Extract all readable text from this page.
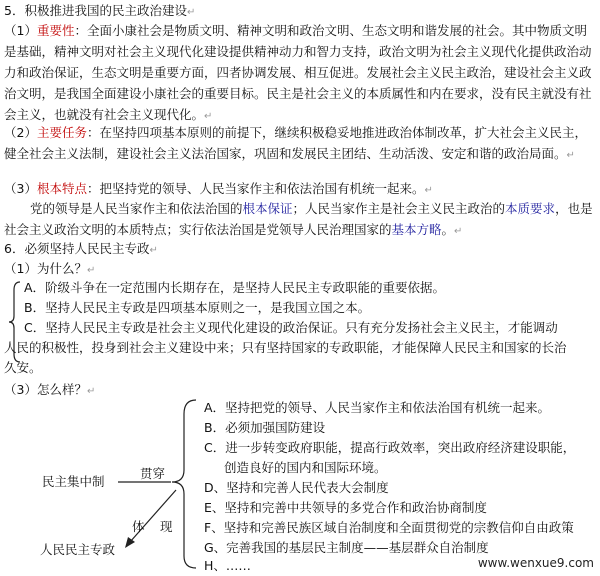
5．积极推进我国的民主政治建设↵
（1）重要性：全面小康社会是物质文明、精神文明和政治文明、生态文明和谐发展的社会。其中物质文明是基础，精神文明对社会主义现代化建设提供精神动力和智力支持，政治文明为社会主义现代化提供政治动力和政治保证，生态文明是重要方面，四者协调发展、相互促进。发展社会主义民主政治，建设社会主义政治文明，是我国全面建设小康社会的重要目标。民主是社会主义的本质属性和内在要求，没有民主就没有社会主义，也就没有社会主义现代化。↵
（2）主要任务：在坚持四项基本原则的前提下，继续积极稳妥地推进政治体制改革，扩大社会主义民主，健全社会主义法制，建设社会主义法治国家，巩固和发展民主团结、生动活泼、安定和谐的政治局面。↵
（3）根本特点：把坚持党的领导、人民当家作主和依法治国有机统一起来。↵
党的领导是人民当家作主和依法治国的根本保证；人民当家作主是社会主义民主政治的本质要求，也是社会主义政治文明的本质特点；实行依法治国是党领导人民治理国家的基本方略。↵
6．必须坚持人民民主专政↵
（1）为什么？↵
A．阶级斗争在一定范围内长期存在，是坚持人民民主专政职能的重要依据。
B．坚持人民民主专政是四项基本原则之一，是我国立国之本。
C．坚持人民民主专政是社会主义现代化建设的政治保证。只有充分发扬社会主义民主，才能调动
人民的积极性，投身到社会主义建设中来；只有坚持国家的专政职能，才能保障人民民主和国家的长治
久安。
（3）怎么样？↵
民主集中制
人民民主专政
贯穿
体 现
A．坚持把党的领导、人民当家作主和依法治国有机统一起来。
B．必须加强国防建设
C．进一步转变政府职能，提高行政效率，突出政府经济建设职能，
创造良好的国内和国际环境。
D、坚持和完善人民代表大会制度
E、坚持和完善中共领导的多党合作和政治协商制度
F、坚持和完善民族区域自治制度和全面贯彻党的宗教信仰自由政策
G、完善我国的基层民主制度——基层群众自治制度
H、……	www.wenxue9.com
